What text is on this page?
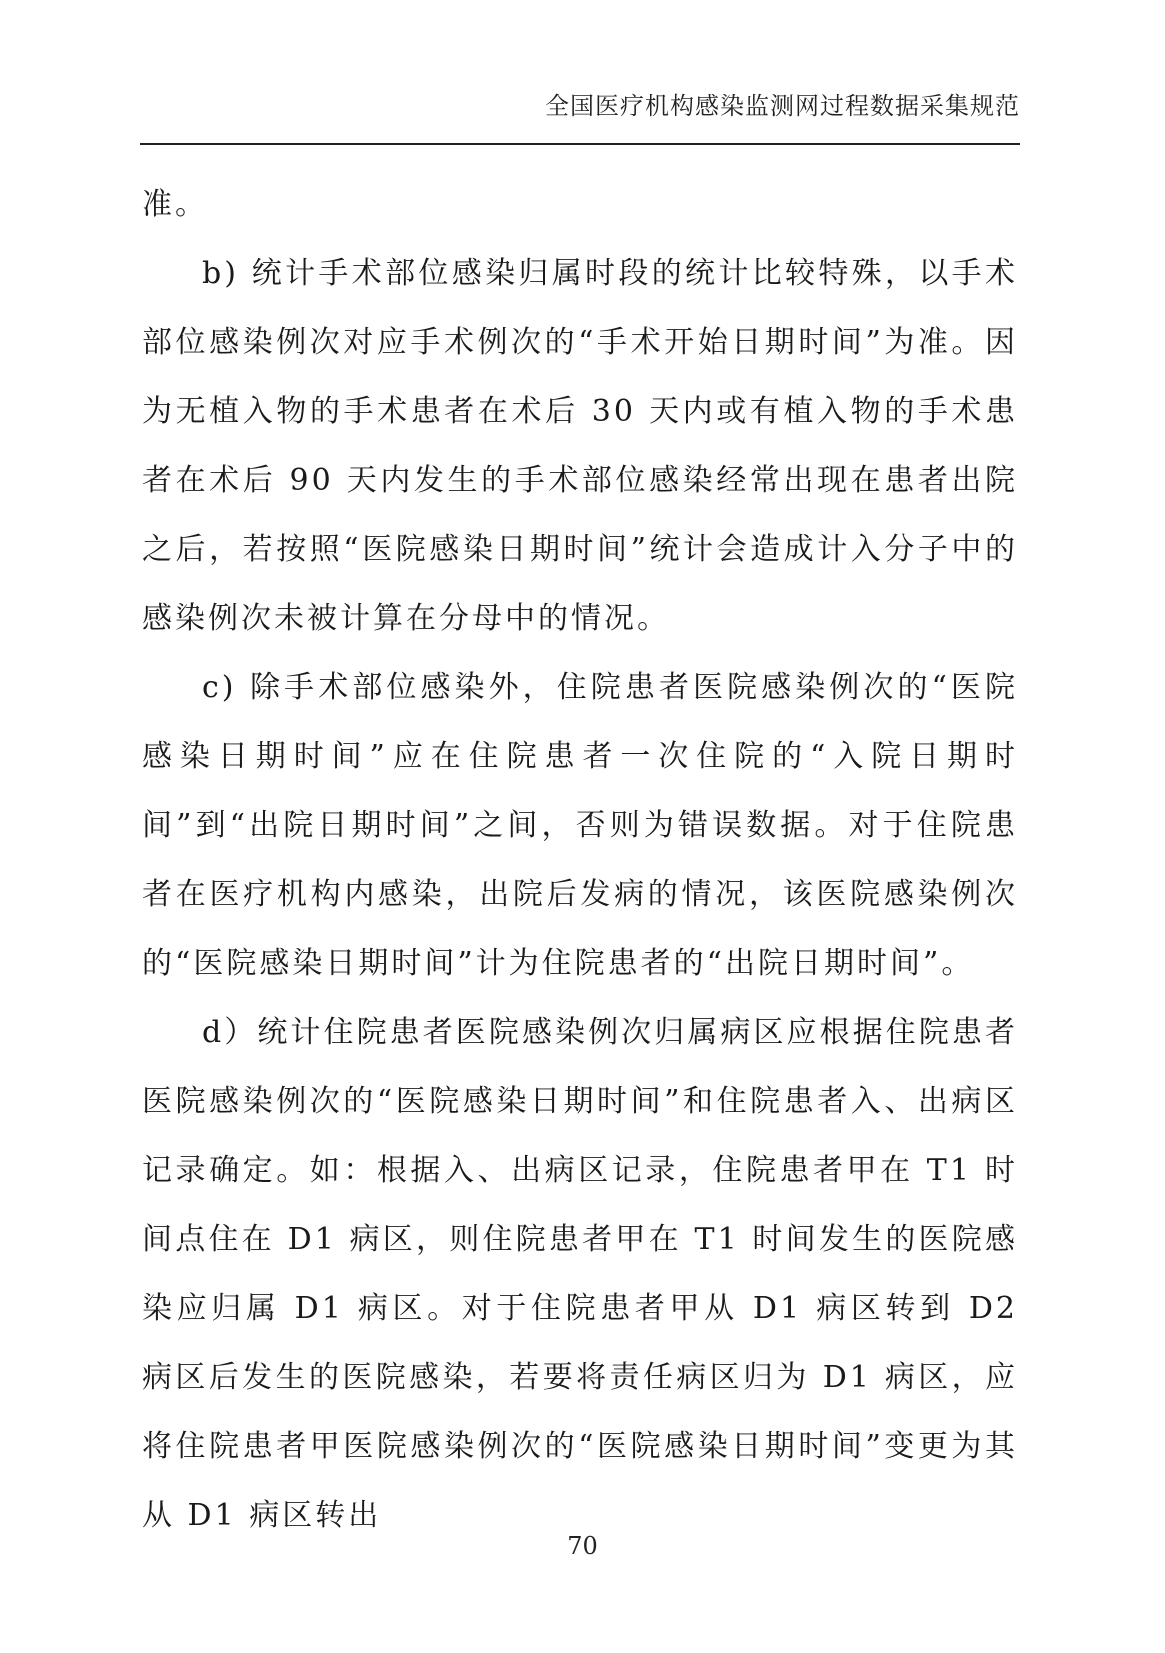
全国医疗机构感染监测网过程数据采集规范

准。

b) 统计手术部位感染归属时段的统计比较特殊，以手术部位感染例次对应手术例次的“手术开始日期时间”为准。因为无植入物的手术患者在术后 30 天内或有植入物的手术患者在术后 90 天内发生的手术部位感染经常出现在患者出院之后，若按照“医院感染日期时间”统计会造成计入分子中的感染例次未被计算在分母中的情况。

c) 除手术部位感染外，住院患者医院感染例次的“医院感染日期时间”应在住院患者一次住院的“入院日期时间”到“出院日期时间”之间，否则为错误数据。对于住院患者在医疗机构内感染，出院后发病的情况，该医院感染例次的“医院感染日期时间”计为住院患者的“出院日期时间”。

d）统计住院患者医院感染例次归属病区应根据住院患者医院感染例次的“医院感染日期时间”和住院患者入、出病区记录确定。如：根据入、出病区记录，住院患者甲在 T1 时间点住在 D1 病区，则住院患者甲在 T1 时间发生的医院感染应归属 D1 病区。对于住院患者甲从 D1 病区转到 D2 病区后发生的医院感染，若要将责任病区归为 D1 病区，应将住院患者甲医院感染例次的“医院感染日期时间”变更为其从 D1 病区转出

70
